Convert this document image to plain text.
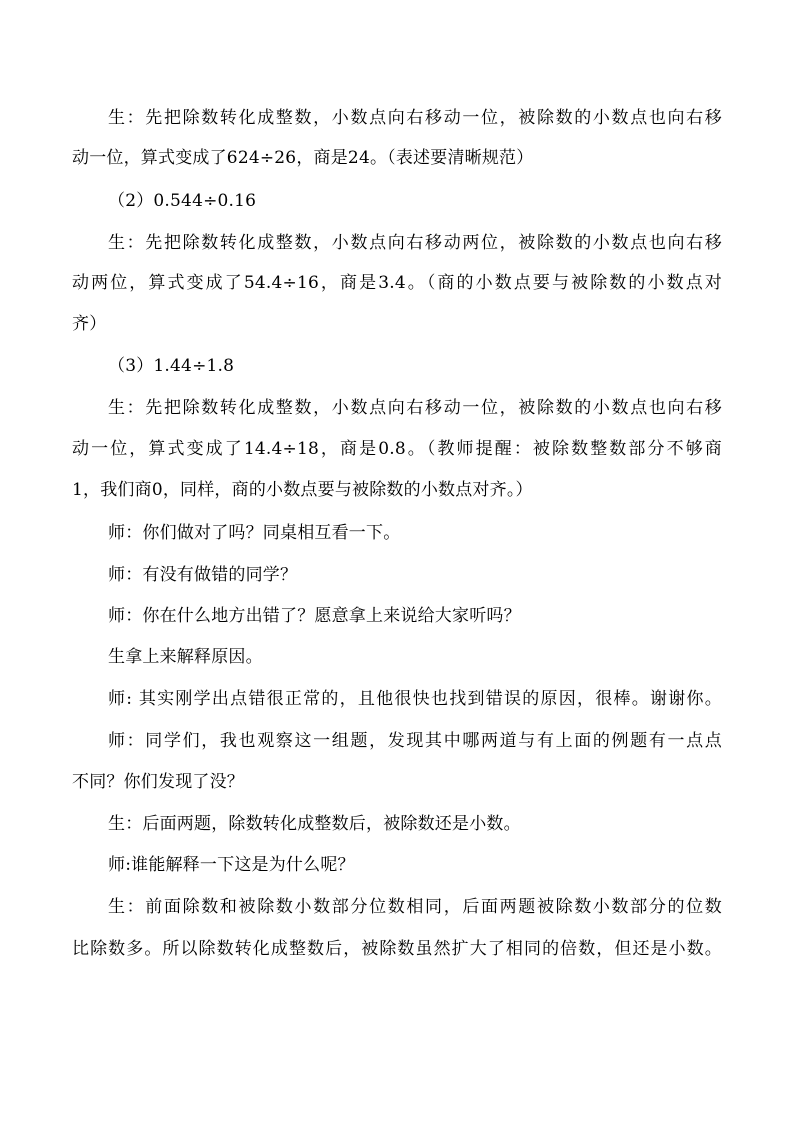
生：先把除数转化成整数，小数点向右移动一位，被除数的小数点也向右移
动一位，算式变成了624÷26，商是24。（表述要清晰规范）
（2）0.544÷0.16
生：先把除数转化成整数，小数点向右移动两位，被除数的小数点也向右移
动两位，算式变成了54.4÷16，商是3.4。（商的小数点要与被除数的小数点对
齐）
（3）1.44÷1.8
生：先把除数转化成整数，小数点向右移动一位，被除数的小数点也向右移
动一位，算式变成了14.4÷18，商是0.8。（教师提醒：被除数整数部分不够商
1，我们商0，同样，商的小数点要与被除数的小数点对齐。）
师：你们做对了吗？同桌相互看一下。
师：有没有做错的同学？
师：你在什么地方出错了？愿意拿上来说给大家听吗？
生拿上来解释原因。
师: 其实刚学出点错很正常的，且他很快也找到错误的原因，很棒。谢谢你。
师：同学们，我也观察这一组题，发现其中哪两道与有上面的例题有一点点
不同？你们发现了没？
生：后面两题，除数转化成整数后，被除数还是小数。
师:谁能解释一下这是为什么呢？
生：前面除数和被除数小数部分位数相同，后面两题被除数小数部分的位数
比除数多。所以除数转化成整数后，被除数虽然扩大了相同的倍数，但还是小数。
